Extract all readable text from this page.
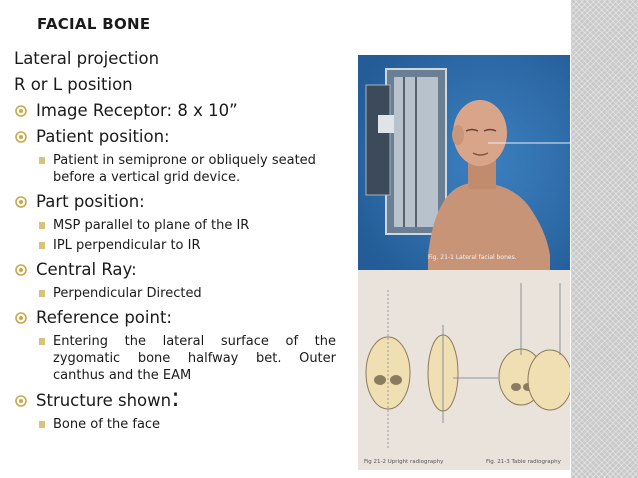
FACIAL BONE
Lateral projection
R or L position
Image Receptor: 8 x 10”
Patient position:
Patient in semiprone or obliquely seated before a vertical grid device.
Part position:
MSP parallel to plane of the IR
IPL perpendicular to IR
Central Ray:
Perpendicular Directed
Reference point:
Entering the lateral surface of the zygomatic bone halfway bet. Outer canthus and the EAM
Structure shown:
Bone of the face
Fig. 21-1 Lateral facial bones.
Fig 21-2 Upright radiography	Fig. 21-3 Table radiography
